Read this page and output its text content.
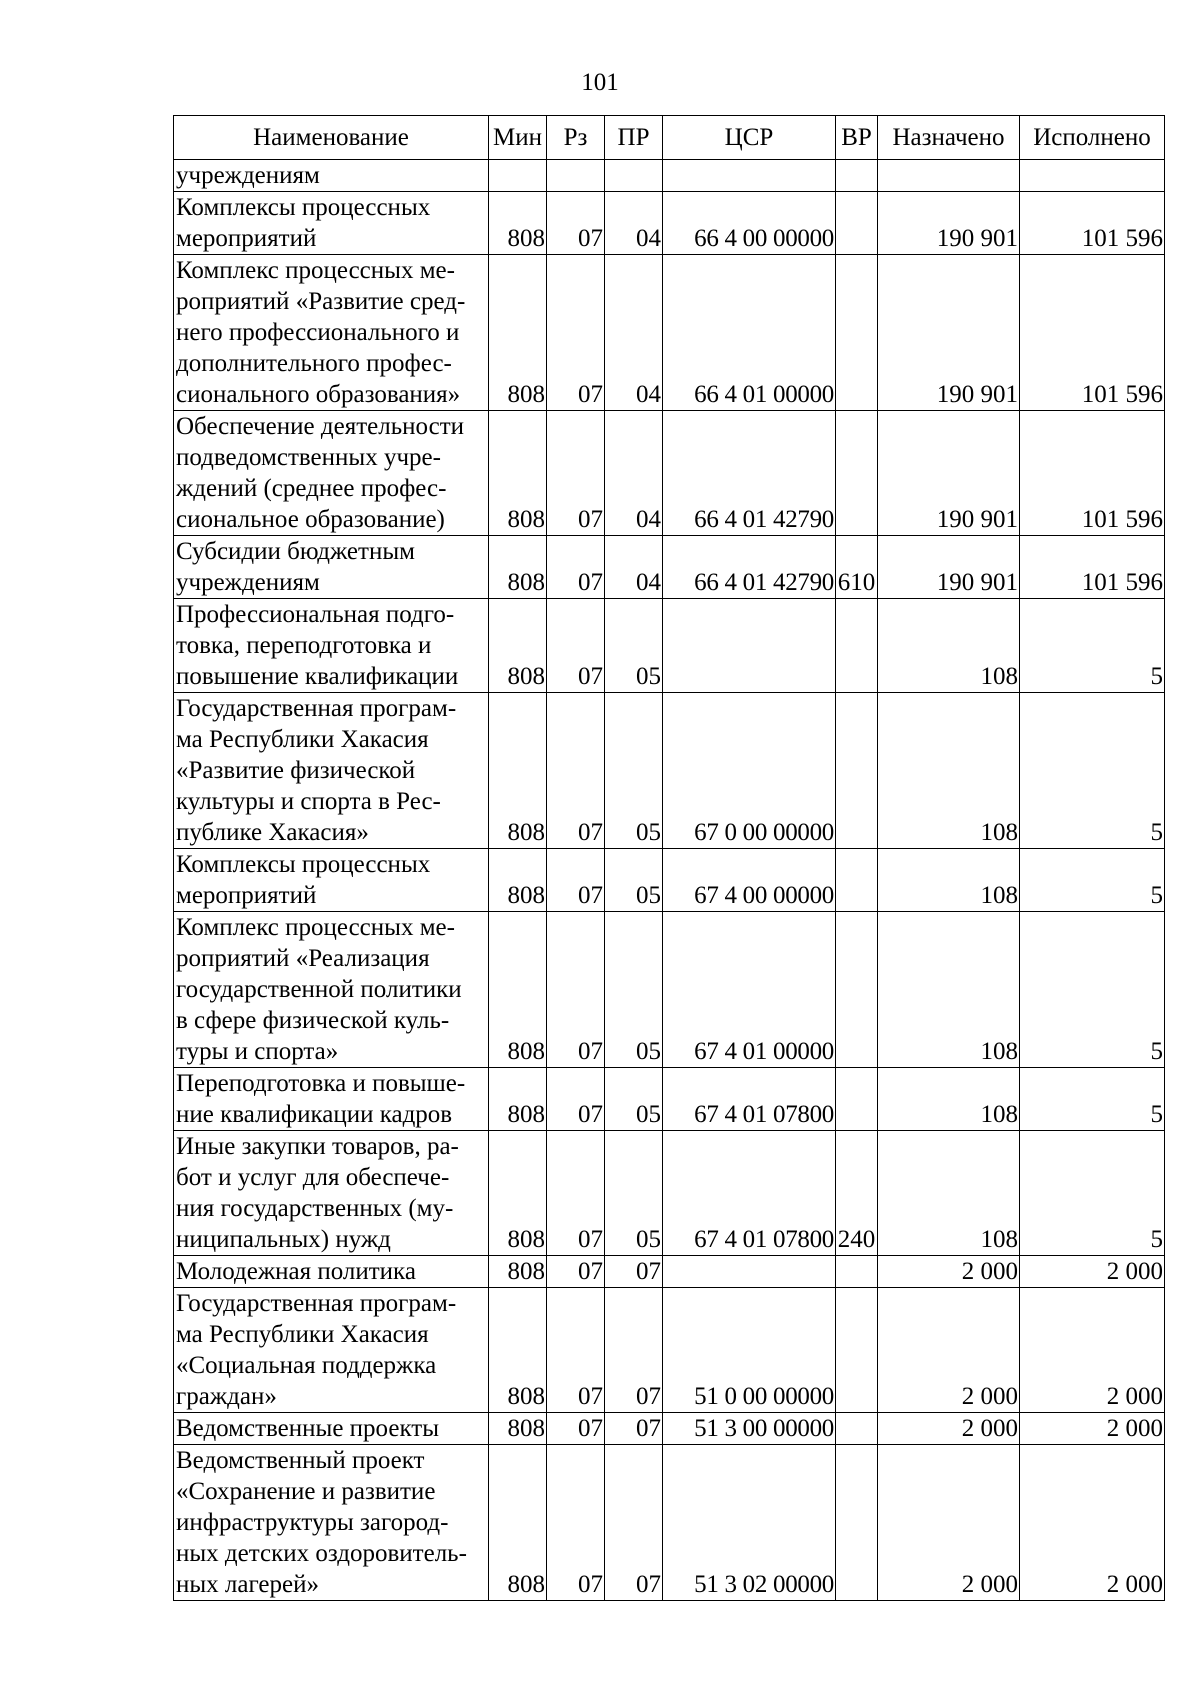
101
Наименование	Мин	Рз	ПР	ЦСР	ВР	Назначено	Исполнено
учреждениям							
Комплексы процессных
мероприятий	808	07	04	66 4 00 00000		190 901	101 596
Комплекс процессных ме-
роприятий «Развитие сред-
него профессионального и
дополнительного профес-
сионального образования»	808	07	04	66 4 01 00000		190 901	101 596
Обеспечение деятельности
подведомственных учре-
ждений (среднее профес-
сиональное образование)	808	07	04	66 4 01 42790		190 901	101 596
Субсидии бюджетным
учреждениям	808	07	04	66 4 01 42790	610	190 901	101 596
Профессиональная подго-
товка, переподготовка и
повышение квалификации	808	07	05			108	5
Государственная програм-
ма Республики Хакасия
«Развитие физической
культуры и спорта в Рес-
публике Хакасия»	808	07	05	67 0 00 00000		108	5
Комплексы процессных
мероприятий	808	07	05	67 4 00 00000		108	5
Комплекс процессных ме-
роприятий «Реализация
государственной политики
в сфере физической куль-
туры и спорта»	808	07	05	67 4 01 00000		108	5
Переподготовка и повыше-
ние квалификации кадров	808	07	05	67 4 01 07800		108	5
Иные закупки товаров, ра-
бот и услуг для обеспече-
ния государственных (му-
ниципальных) нужд	808	07	05	67 4 01 07800	240	108	5
Молодежная политика	808	07	07			2 000	2 000
Государственная програм-
ма Республики Хакасия
«Социальная поддержка
граждан»	808	07	07	51 0 00 00000		2 000	2 000
Ведомственные проекты	808	07	07	51 3 00 00000		2 000	2 000
Ведомственный проект
«Сохранение и развитие
инфраструктуры загород-
ных детских оздоровитель-
ных лагерей»	808	07	07	51 3 02 00000		2 000	2 000
